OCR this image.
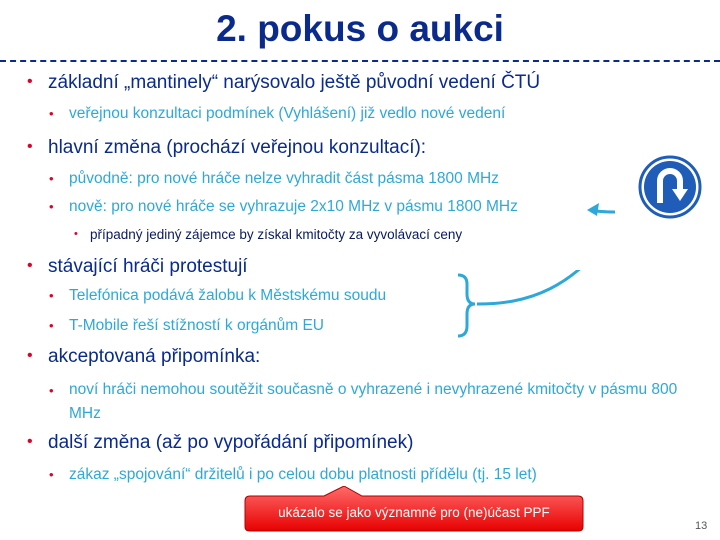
2. pokus o aukci
• základní „mantinely“ narýsovalo ještě původní vedení ČTÚ
• veřejnou konzultaci podmínek (Vyhlášení) již vedlo nové vedení
• hlavní změna (prochází veřejnou konzultací):
• původně: pro nové hráče nelze vyhradit část pásma 1800 MHz
• nově: pro nové hráče se vyhrazuje 2x10 MHz v pásmu 1800 MHz
• případný jediný zájemce by získal kmitočty za vyvolávací ceny
• stávající hráči protestují
• Telefónica podává žalobu k Městskému soudu
• T-Mobile řeší stížností k orgánům EU
• akceptovaná připomínka:
• noví hráči nemohou soutěžit současně o vyhrazené i nevyhrazené kmitočty v pásmu 800 MHz
• další změna (až po vypořádání připomínek)
• zákaz „spojování“ držitelů i po celou dobu platnosti přídělu (tj. 15 let)
ukázalo se jako významné pro (ne)účast PPF
13
